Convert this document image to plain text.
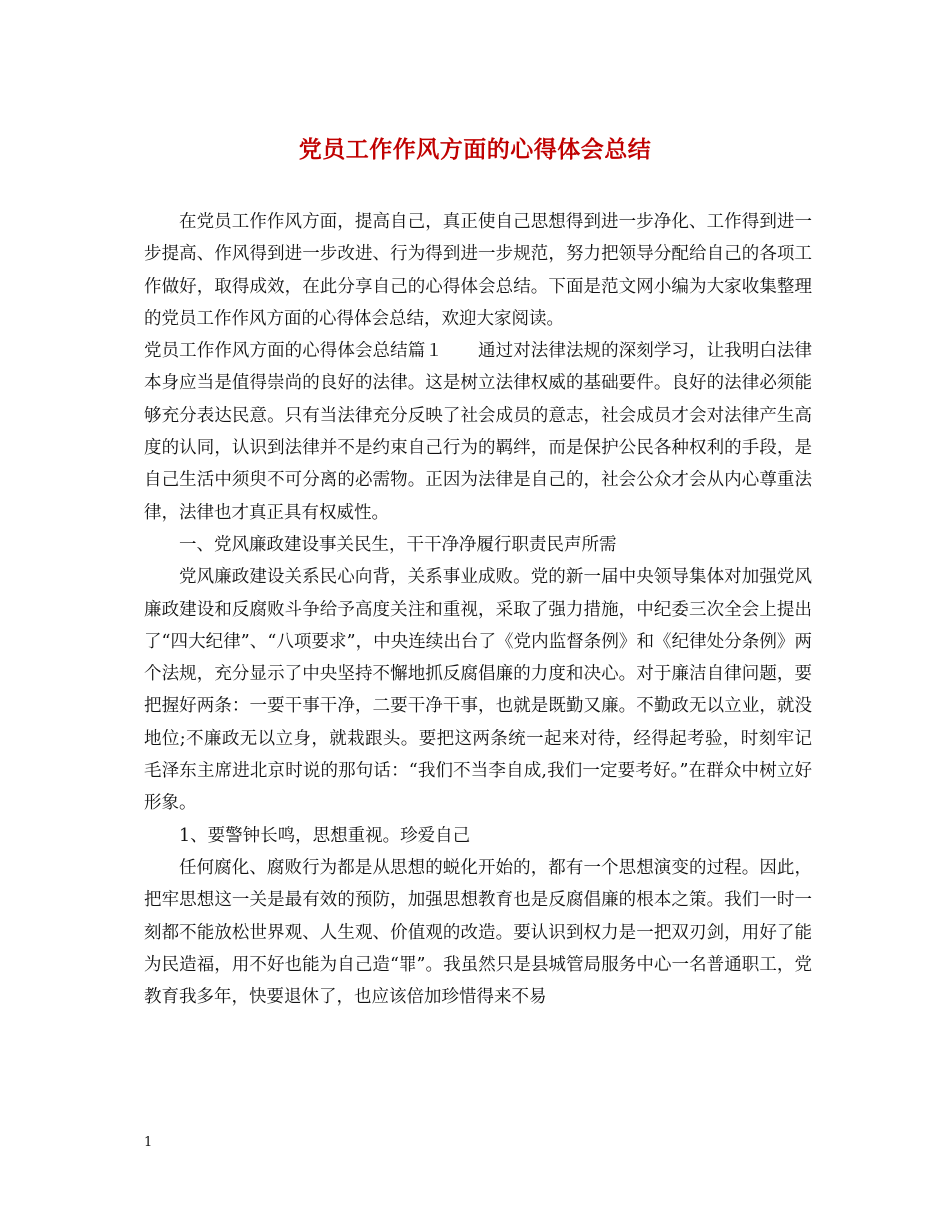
党员工作作风方面的心得体会总结

在党员工作作风方面，提高自己，真正使自己思想得到进一步净化、工作得到进一步提高、作风得到进一步改进、行为得到进一步规范，努力把领导分配给自己的各项工作做好，取得成效，在此分享自己的心得体会总结。下面是范文网小编为大家收集整理的党员工作作风方面的心得体会总结，欢迎大家阅读。

党员工作作风方面的心得体会总结篇１　　通过对法律法规的深刻学习，让我明白法律本身应当是值得崇尚的良好的法律。这是树立法律权威的基础要件。良好的法律必须能够充分表达民意。只有当法律充分反映了社会成员的意志，社会成员才会对法律产生高度的认同，认识到法律并不是约束自己行为的羁绊，而是保护公民各种权利的手段，是自己生活中须臾不可分离的必需物。正因为法律是自己的，社会公众才会从内心尊重法律，法律也才真正具有权威性。

一、党风廉政建设事关民生，干干净净履行职责民声所需

党风廉政建设关系民心向背，关系事业成败。党的新一届中央领导集体对加强党风廉政建设和反腐败斗争给予高度关注和重视，采取了强力措施，中纪委三次全会上提出了“四大纪律”、“八项要求”，中央连续出台了《党内监督条例》和《纪律处分条例》两个法规，充分显示了中央坚持不懈地抓反腐倡廉的力度和决心。对于廉洁自律问题，要把握好两条：一要干事干净，二要干净干事，也就是既勤又廉。不勤政无以立业，就没地位;不廉政无以立身，就栽跟头。要把这两条统一起来对待，经得起考验，时刻牢记毛泽东主席进北京时说的那句话：“我们不当李自成,我们一定要考好。”在群众中树立好形象。

1、要警钟长鸣，思想重视。珍爱自己

任何腐化、腐败行为都是从思想的蜕化开始的，都有一个思想演变的过程。因此，把牢思想这一关是最有效的预防，加强思想教育也是反腐倡廉的根本之策。我们一时一刻都不能放松世界观、人生观、价值观的改造。要认识到权力是一把双刃剑，用好了能为民造福，用不好也能为自己造“罪”。我虽然只是县城管局服务中心一名普通职工，党教育我多年，快要退休了，也应该倍加珍惜得来不易

1
